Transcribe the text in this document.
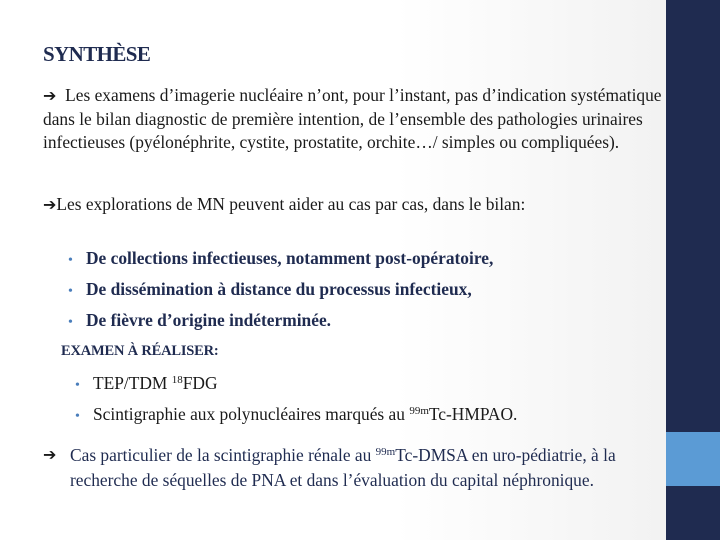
SYNTHÈSE

➔ Les examens d’imagerie nucléaire n’ont, pour l’instant, pas d’indication systématique dans le bilan diagnostic de première intention, de l’ensemble des pathologies urinaires infectieuses (pyélonéphrite, cystite, prostatite, orchite…/ simples ou compliquées).

➔Les explorations de MN peuvent aider au cas par cas, dans le bilan:

• De collections infectieuses, notamment post-opératoire,
• De dissémination à distance du processus infectieux,
• De fièvre d’origine indéterminée.
EXAMEN À RÉALISER:
• TEP/TDM $^{18}$FDG
• Scintigraphie aux polynucléaires marqués au $^{99m}$Tc-HMPAO.
➔ Cas particulier de la scintigraphie rénale au $^{99m}$Tc-DMSA en uro-pédiatrie, à la recherche de séquelles de PNA et dans l’évaluation du capital néphronique.
